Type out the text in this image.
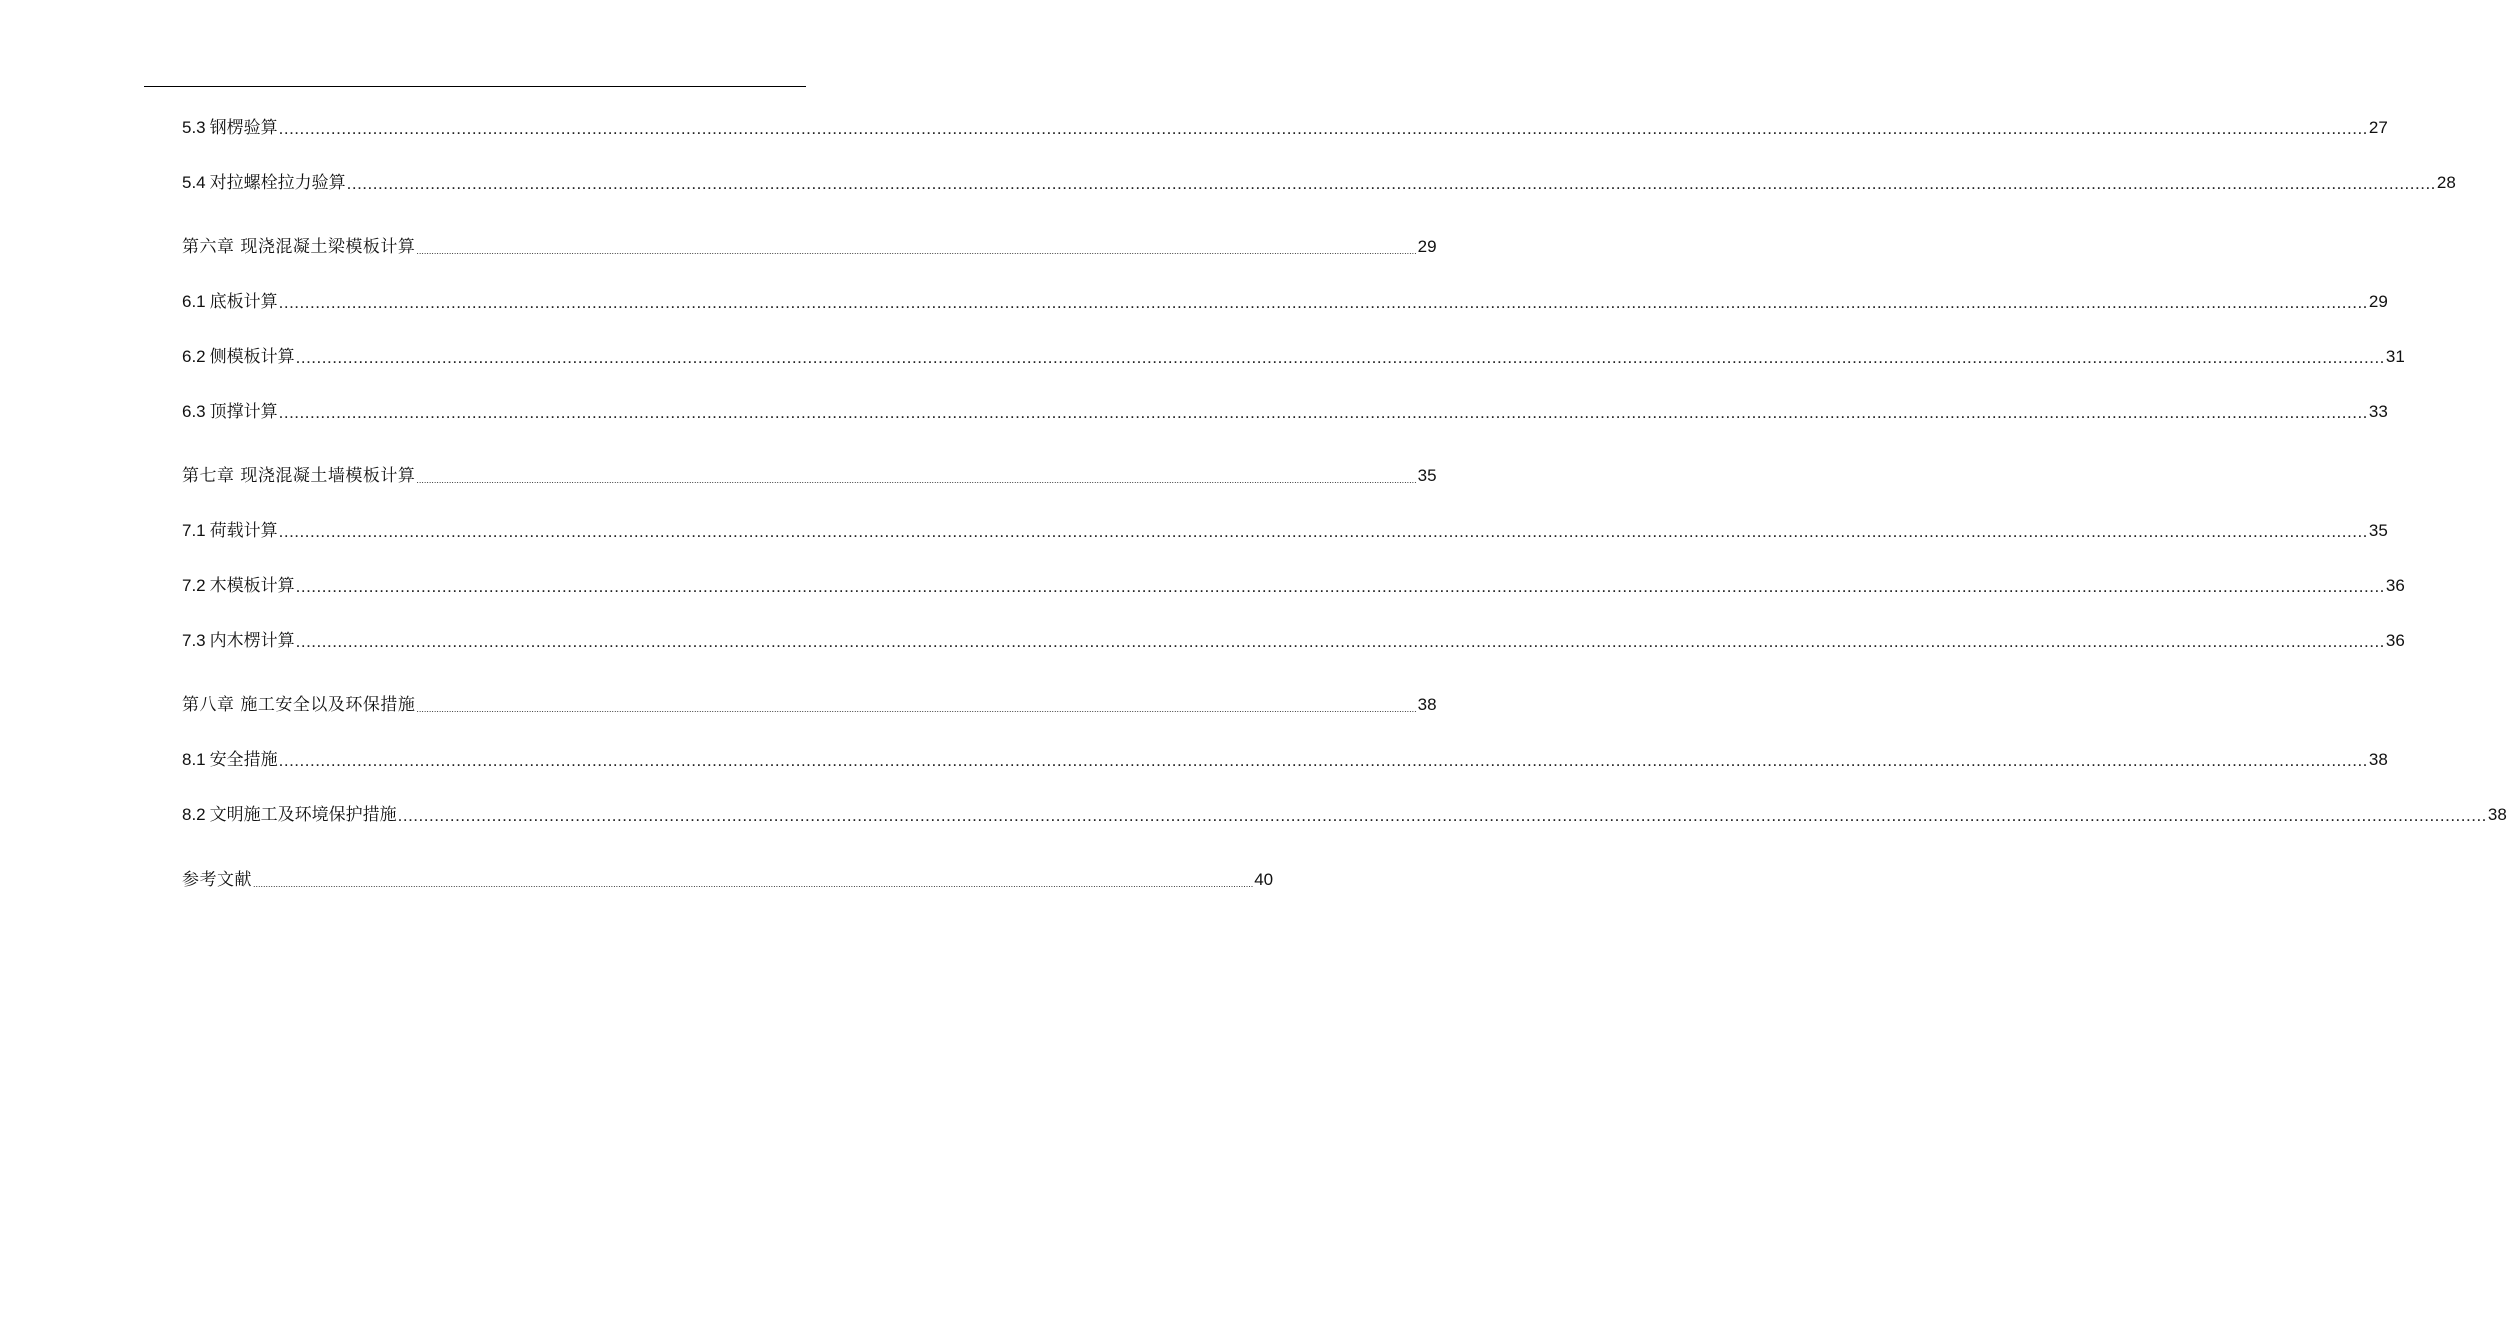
5.3 钢楞验算 ................................................................................................................................................................................................................................................................................................................................................................................................................ 27
5.4 对拉螺栓拉力验算 ................................................................................................................................................................................................................................................................................................................................................................................................................ 28
第六章 现浇混凝土梁模板计算 ................................................................................................................................................................................................................................................................................................................................................................................................................ 29
6.1 底板计算 ................................................................................................................................................................................................................................................................................................................................................................................................................ 29
6.2 侧模板计算 ................................................................................................................................................................................................................................................................................................................................................................................................................ 31
6.3 顶撑计算 ................................................................................................................................................................................................................................................................................................................................................................................................................ 33
第七章 现浇混凝土墙模板计算 ................................................................................................................................................................................................................................................................................................................................................................................................................ 35
7.1 荷载计算 ................................................................................................................................................................................................................................................................................................................................................................................................................ 35
7.2 木模板计算 ................................................................................................................................................................................................................................................................................................................................................................................................................ 36
7.3 内木楞计算 ................................................................................................................................................................................................................................................................................................................................................................................................................ 36
第八章 施工安全以及环保措施 ................................................................................................................................................................................................................................................................................................................................................................................................................ 38
8.1 安全措施 ................................................................................................................................................................................................................................................................................................................................................................................................................ 38
8.2 文明施工及环境保护措施 ................................................................................................................................................................................................................................................................................................................................................................................................................ 38
参考文献 ................................................................................................................................................................................................................................................................................................................................................................................................................ 40
